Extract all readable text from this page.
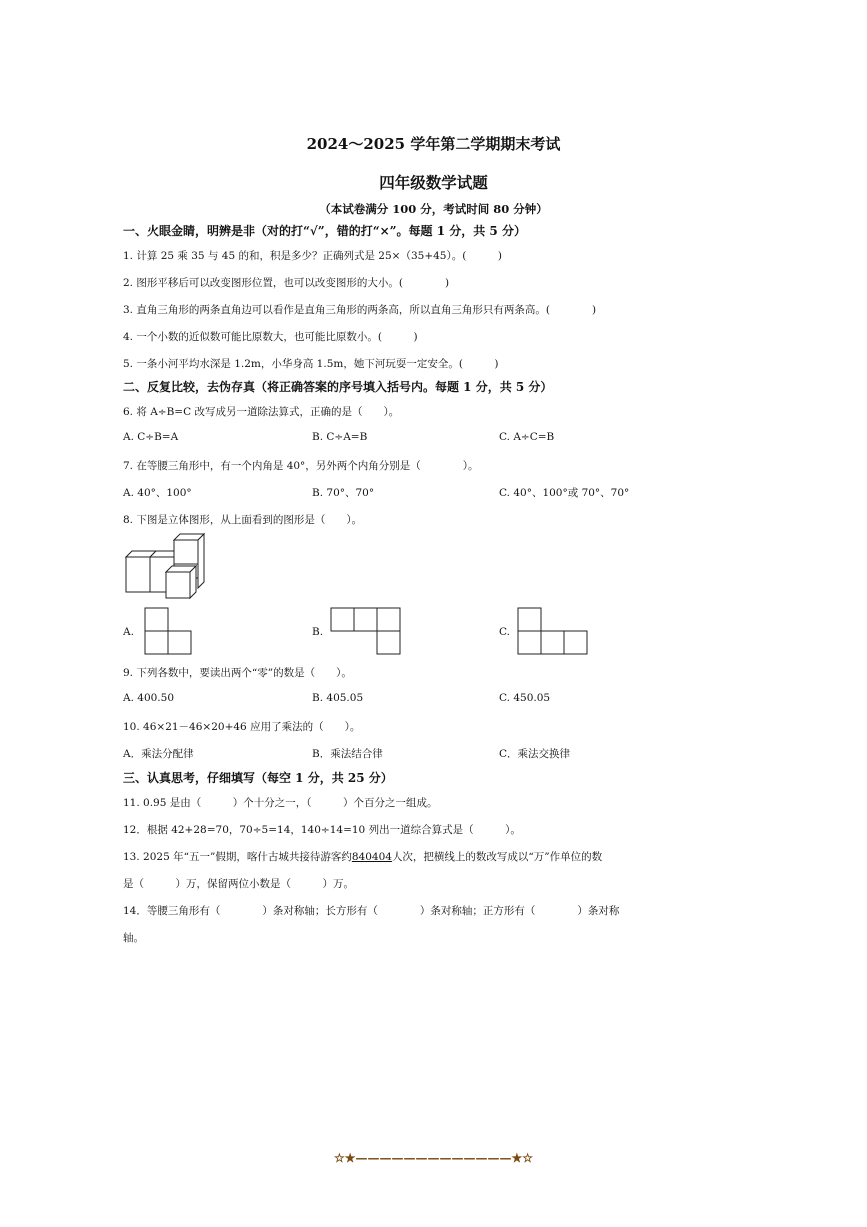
2024～2025 学年第二学期期末考试
四年级数学试题
（本试卷满分 100 分，考试时间 80 分钟）
一、火眼金睛，明辨是非（对的打“√”，错的打“×”。每题 1 分，共 5 分）
1. 计算 25 乘 35 与 45 的和，积是多少？正确列式是 25×（35+45）。(　　　)
2. 图形平移后可以改变图形位置，也可以改变图形的大小。(　　　　)
3. 直角三角形的两条直角边可以看作是直角三角形的两条高，所以直角三角形只有两条高。(　　　　)
4. 一个小数的近似数可能比原数大，也可能比原数小。(　　　)
5. 一条小河平均水深是 1.2m，小华身高 1.5m，她下河玩耍一定安全。(　　　)
二、反复比较，去伪存真（将正确答案的序号填入括号内。每题 1 分，共 5 分）
6. 将 A÷B=C 改写成另一道除法算式，正确的是（　　）。
A. C÷B=A	B. C÷A=B	C. A÷C=B
7. 在等腰三角形中，有一个内角是 40°，另外两个内角分别是（　　　　）。
A. 40°、100°	B. 70°、70°	C. 40°、100°或 70°、70°
8. 下图是立体图形，从上面看到的图形是（　　）。
A.	B.	C.
9. 下列各数中，要读出两个“零”的数是（　　）。
A. 400.50	B. 405.05	C. 450.05
10. 46×21－46×20+46 应用了乘法的（　　）。
A．乘法分配律	B．乘法结合律	C．乘法交换律
三、认真思考，仔细填写（每空 1 分，共 25 分）
11. 0.95 是由（　　　）个十分之一，（　　　）个百分之一组成。
12．根据 42+28=70，70÷5=14，140÷14=10 列出一道综合算式是（　　　）。
13. 2025 年“五一”假期，喀什古城共接待游客约840404人次，把横线上的数改写成以“万”作单位的数
是（　　　）万，保留两位小数是（　　　）万。
14．等腰三角形有（　　　　）条对称轴；长方形有（　　　　）条对称轴；正方形有（　　　　）条对称
轴。
☆★—————————————★☆
